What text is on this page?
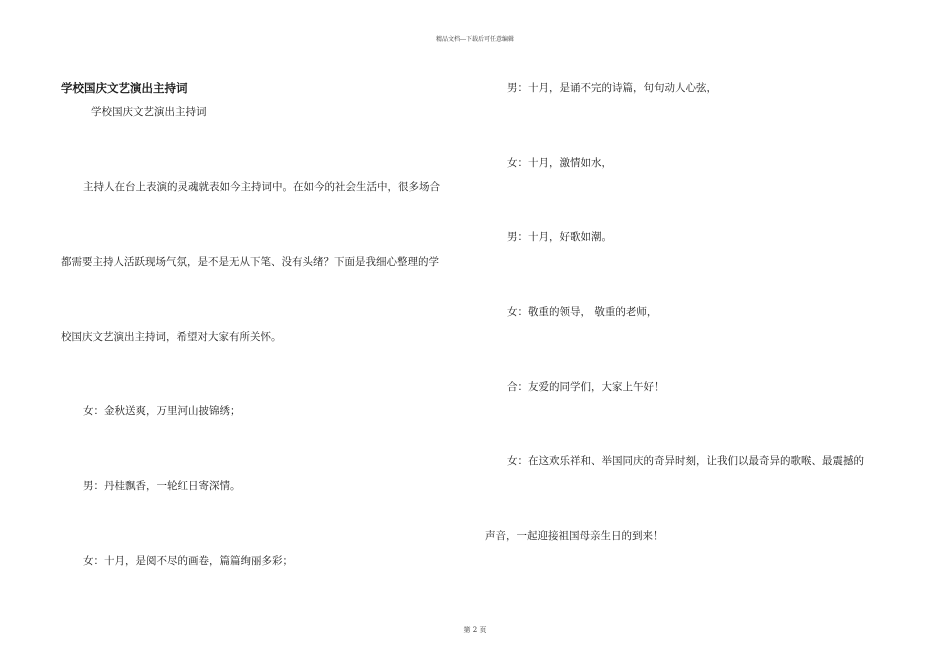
精品文档---下载后可任意编辑
学校国庆文艺演出主持词
学校国庆文艺演出主持词
主持人在台上表演的灵魂就表如今主持词中。在如今的社会生活中，很多场合
都需要主持人活跃现场气氛，是不是无从下笔、没有头绪？下面是我细心整理的学
校国庆文艺演出主持词，希望对大家有所关怀。
女：金秋送爽，万里河山披锦绣；
男：丹桂飘香，一轮红日寄深情。
女：十月，是阅不尽的画卷，篇篇绚丽多彩；
男：十月，是诵不完的诗篇，句句动人心弦，
女：十月，激情如水，
男：十月，好歌如潮。
女：敬重的领导， 敬重的老师，
合：友爱的同学们，大家上午好！
女：在这欢乐祥和、举国同庆的奇异时刻，让我们以最奇异的歌喉、最震撼的
声音，一起迎接祖国母亲生日的到来！
第 2 页
